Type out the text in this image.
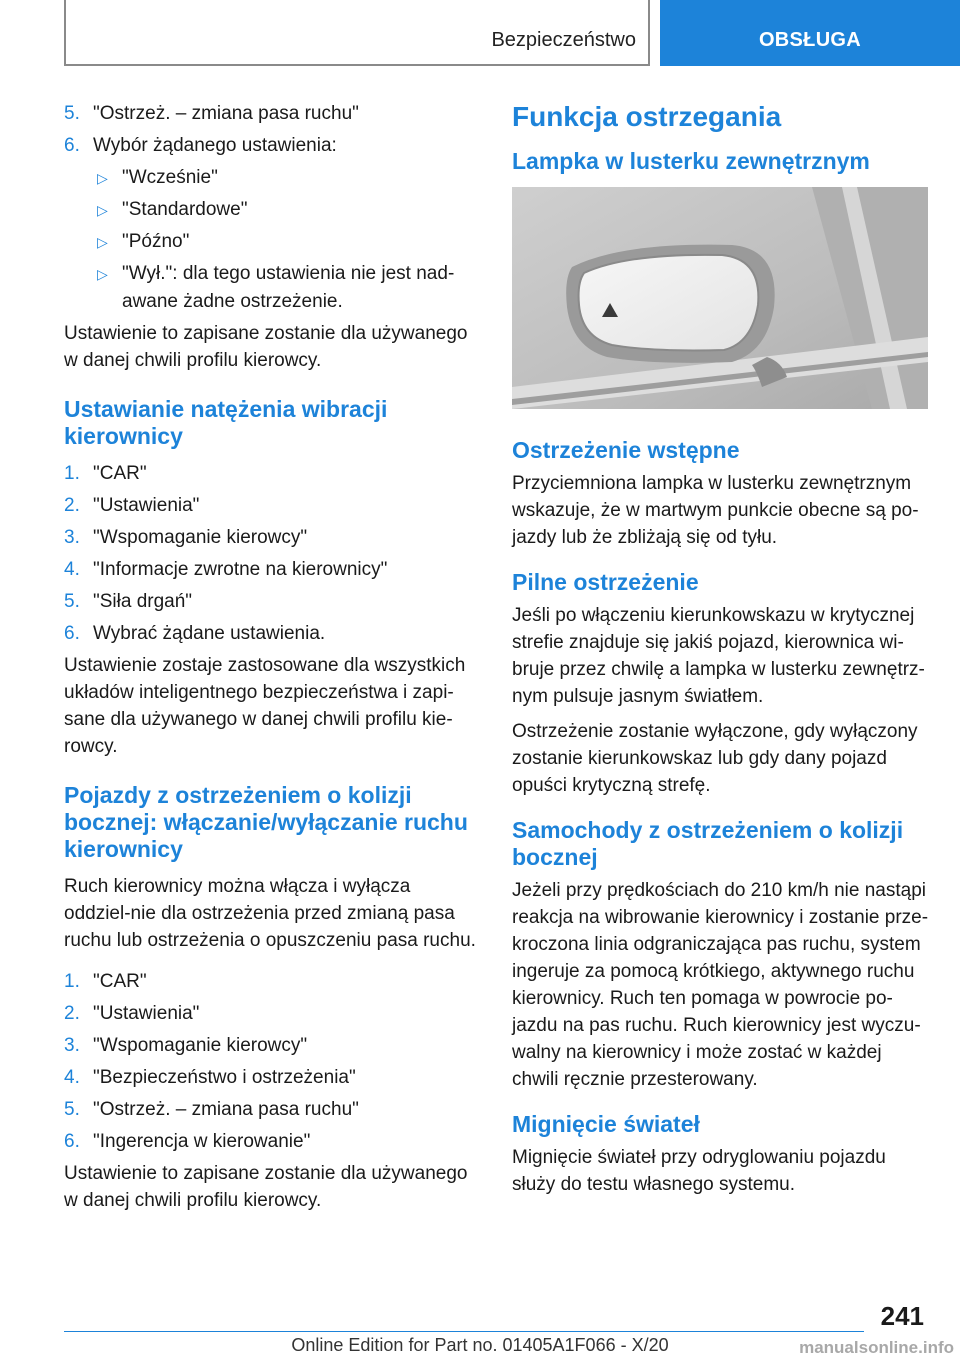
Bezpieczeństwo	OBSŁUGA
5. "Ostrzeż. – zmiana pasa ruchu"
6. Wybór żądanego ustawienia:
▷ "Wcześnie"
▷ "Standardowe"
▷ "Późno"
▷ "Wył.": dla tego ustawienia nie jest nad-awane żadne ostrzeżenie.

Ustawienie to zapisane zostanie dla używanego w danej chwili profilu kierowcy.

Ustawianie natężenia wibracji kierownicy
1. "CAR"
2. "Ustawienia"
3. "Wspomaganie kierowcy"
4. "Informacje zwrotne na kierownicy"
5. "Siła drgań"
6. Wybrać żądane ustawienia.

Ustawienie zostaje zastosowane dla wszystkich układów inteligentnego bezpieczeństwa i zapi-sane dla używanego w danej chwili profilu kie-rowcy.

Pojazdy z ostrzeżeniem o kolizji bocznej: włączanie/wyłączanie ruchu kierownicy

Ruch kierownicy można włącza i wyłącza oddziel-nie dla ostrzeżenia przed zmianą pasa ruchu lub ostrzeżenia o opuszczeniu pasa ruchu.

1. "CAR"
2. "Ustawienia"
3. "Wspomaganie kierowcy"
4. "Bezpieczeństwo i ostrzeżenia"
5. "Ostrzeż. – zmiana pasa ruchu"
6. "Ingerencja w kierowanie"

Ustawienie to zapisane zostanie dla używanego w danej chwili profilu kierowcy.

Funkcja ostrzegania
Lampka w lusterku zewnętrznym
Ostrzeżenie wstępne

Przyciemniona lampka w lusterku zewnętrznym wskazuje, że w martwym punkcie obecne są po-jazdy lub że zbliżają się od tyłu.

Pilne ostrzeżenie

Jeśli po włączeniu kierunkowskazu w krytycznej strefie znajduje się jakiś pojazd, kierownica wi-bruje przez chwilę a lampka w lusterku zewnętrz-nym pulsuje jasnym światłem.

Ostrzeżenie zostanie wyłączone, gdy wyłączony zostanie kierunkowskaz lub gdy dany pojazd opuści krytyczną strefę.

Samochody z ostrzeżeniem o kolizji bocznej

Jeżeli przy prędkościach do 210 km/h nie nastąpi reakcja na wibrowanie kierownicy i zostanie prze-kroczona linia odgraniczająca pas ruchu, system ingeruje za pomocą krótkiego, aktywnego ruchu kierownicy. Ruch ten pomaga w powrocie po-jazdu na pas ruchu. Ruch kierownicy jest wyczu-walny na kierownicy i może zostać w każdej chwili ręcznie przesterowany.

Mignięcie świateł

Mignięcie świateł przy odryglowaniu pojazdu służy do testu własnego systemu.

241
Online Edition for Part no. 01405A1F066 - X/20	manualsonline.info
